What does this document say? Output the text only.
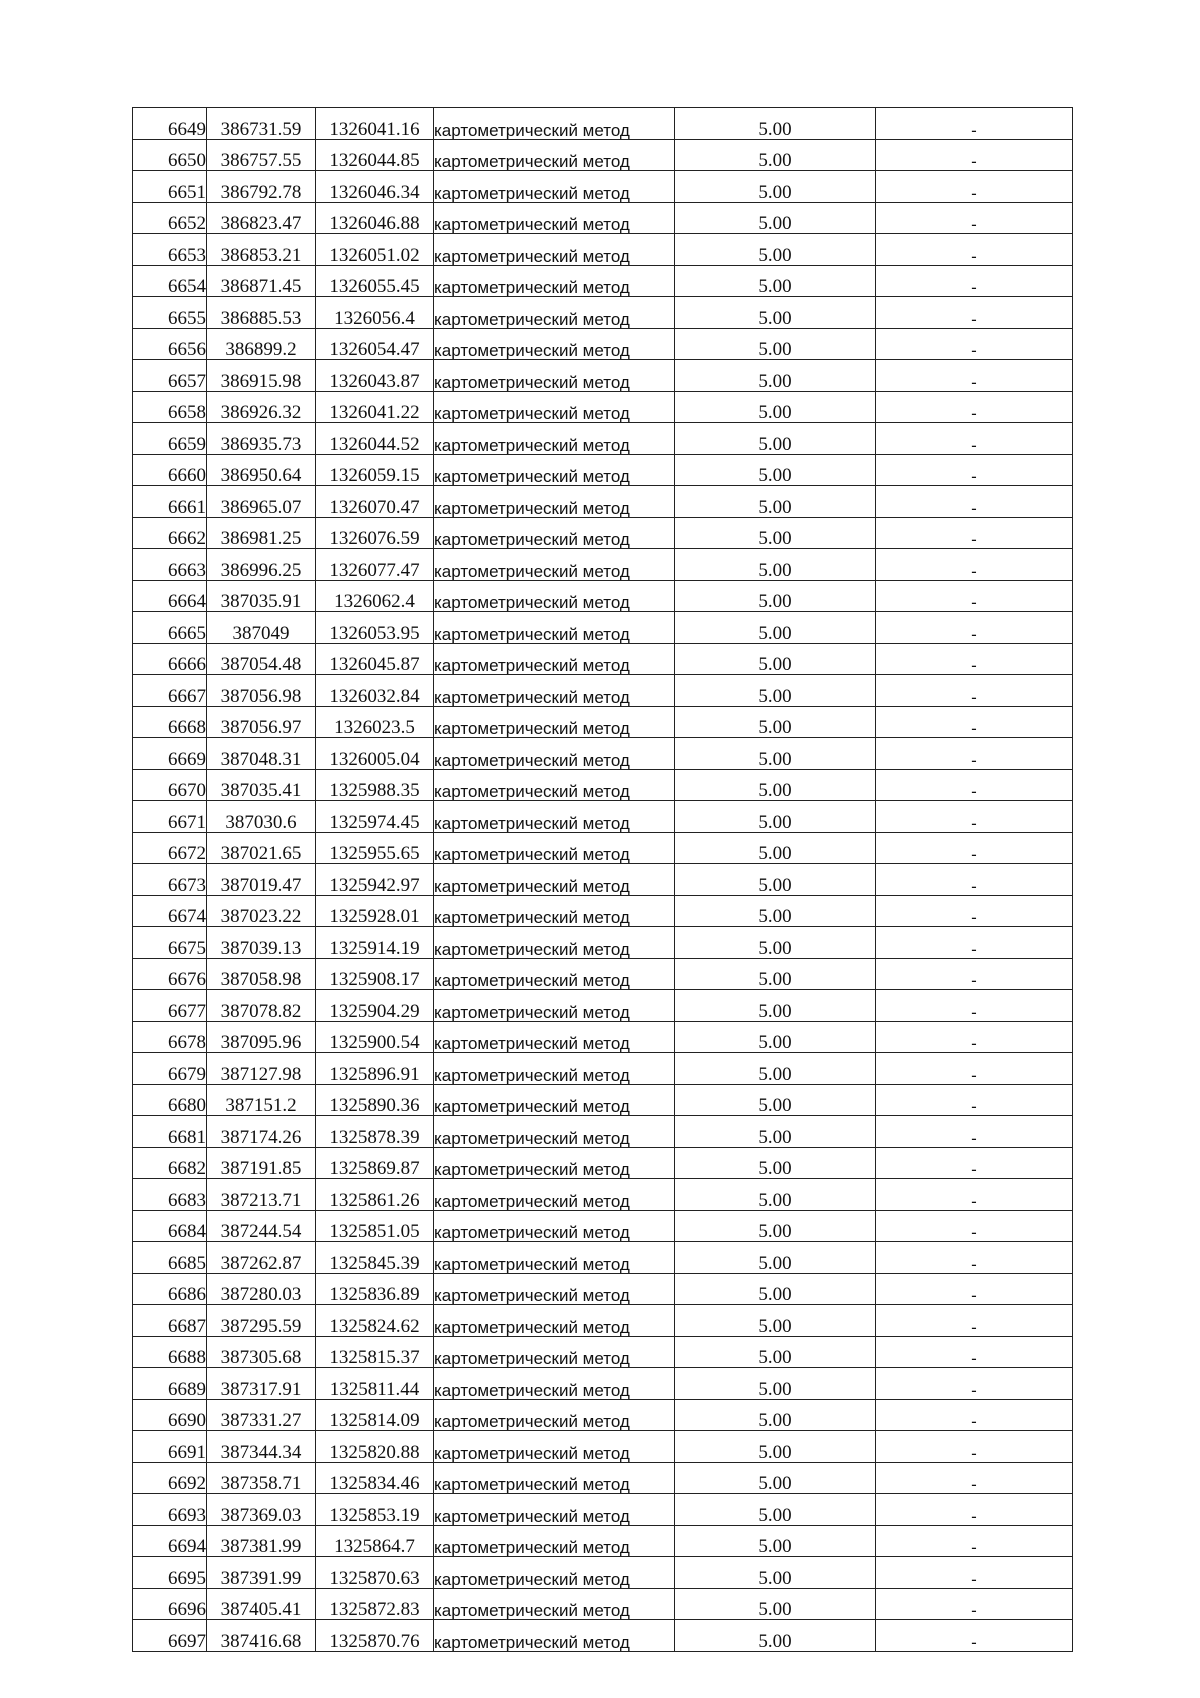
6649	386731.59	1326041.16	картометрический метод	5.00	-
6650	386757.55	1326044.85	картометрический метод	5.00	-
6651	386792.78	1326046.34	картометрический метод	5.00	-
6652	386823.47	1326046.88	картометрический метод	5.00	-
6653	386853.21	1326051.02	картометрический метод	5.00	-
6654	386871.45	1326055.45	картометрический метод	5.00	-
6655	386885.53	1326056.4	картометрический метод	5.00	-
6656	386899.2	1326054.47	картометрический метод	5.00	-
6657	386915.98	1326043.87	картометрический метод	5.00	-
6658	386926.32	1326041.22	картометрический метод	5.00	-
6659	386935.73	1326044.52	картометрический метод	5.00	-
6660	386950.64	1326059.15	картометрический метод	5.00	-
6661	386965.07	1326070.47	картометрический метод	5.00	-
6662	386981.25	1326076.59	картометрический метод	5.00	-
6663	386996.25	1326077.47	картометрический метод	5.00	-
6664	387035.91	1326062.4	картометрический метод	5.00	-
6665	387049	1326053.95	картометрический метод	5.00	-
6666	387054.48	1326045.87	картометрический метод	5.00	-
6667	387056.98	1326032.84	картометрический метод	5.00	-
6668	387056.97	1326023.5	картометрический метод	5.00	-
6669	387048.31	1326005.04	картометрический метод	5.00	-
6670	387035.41	1325988.35	картометрический метод	5.00	-
6671	387030.6	1325974.45	картометрический метод	5.00	-
6672	387021.65	1325955.65	картометрический метод	5.00	-
6673	387019.47	1325942.97	картометрический метод	5.00	-
6674	387023.22	1325928.01	картометрический метод	5.00	-
6675	387039.13	1325914.19	картометрический метод	5.00	-
6676	387058.98	1325908.17	картометрический метод	5.00	-
6677	387078.82	1325904.29	картометрический метод	5.00	-
6678	387095.96	1325900.54	картометрический метод	5.00	-
6679	387127.98	1325896.91	картометрический метод	5.00	-
6680	387151.2	1325890.36	картометрический метод	5.00	-
6681	387174.26	1325878.39	картометрический метод	5.00	-
6682	387191.85	1325869.87	картометрический метод	5.00	-
6683	387213.71	1325861.26	картометрический метод	5.00	-
6684	387244.54	1325851.05	картометрический метод	5.00	-
6685	387262.87	1325845.39	картометрический метод	5.00	-
6686	387280.03	1325836.89	картометрический метод	5.00	-
6687	387295.59	1325824.62	картометрический метод	5.00	-
6688	387305.68	1325815.37	картометрический метод	5.00	-
6689	387317.91	1325811.44	картометрический метод	5.00	-
6690	387331.27	1325814.09	картометрический метод	5.00	-
6691	387344.34	1325820.88	картометрический метод	5.00	-
6692	387358.71	1325834.46	картометрический метод	5.00	-
6693	387369.03	1325853.19	картометрический метод	5.00	-
6694	387381.99	1325864.7	картометрический метод	5.00	-
6695	387391.99	1325870.63	картометрический метод	5.00	-
6696	387405.41	1325872.83	картометрический метод	5.00	-
6697	387416.68	1325870.76	картометрический метод	5.00	-
